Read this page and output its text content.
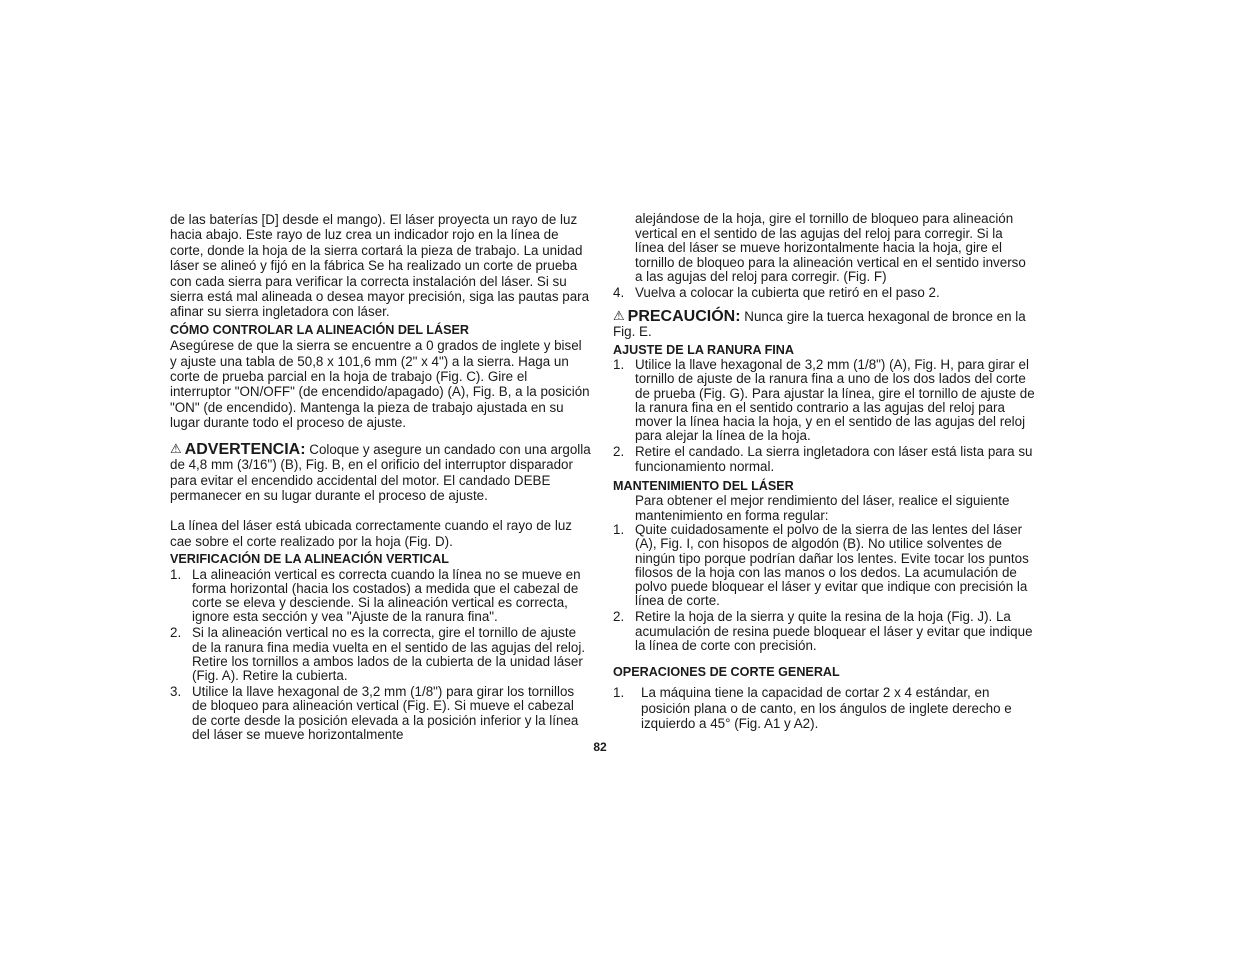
de las baterías [D] desde el mango). El láser proyecta un rayo de luz hacia abajo. Este rayo de luz crea un indicador rojo en la línea de corte, donde la hoja de la sierra cortará la pieza de trabajo. La unidad láser se alineó y fijó en la fábrica Se ha realizado un corte de prueba con cada sierra para verificar la correcta instalación del láser. Si su sierra está mal alineada o desea mayor precisión, siga las pautas para afinar su sierra ingletadora con láser.

CÓMO CONTROLAR LA ALINEACIÓN DEL LÁSER

Asegúrese de que la sierra se encuentre a 0 grados de inglete y bisel y ajuste una tabla de 50,8 x 101,6 mm (2" x 4") a la sierra. Haga un corte de prueba parcial en la hoja de trabajo (Fig. C). Gire el interruptor "ON/OFF" (de encendido/apagado) (A), Fig. B, a la posición "ON" (de encendido). Mantenga la pieza de trabajo ajustada en su lugar durante todo el proceso de ajuste.

⚠ ADVERTENCIA: Coloque y asegure un candado con una argolla de 4,8 mm (3/16") (B), Fig. B, en el orificio del interruptor disparador para evitar el encendido accidental del motor. El candado DEBE permanecer en su lugar durante el proceso de ajuste.

La línea del láser está ubicada correctamente cuando el rayo de luz cae sobre el corte realizado por la hoja (Fig. D).

VERIFICACIÓN DE LA ALINEACIÓN VERTICAL

1. La alineación vertical es correcta cuando la línea no se mueve en forma horizontal (hacia los costados) a medida que el cabezal de corte se eleva y desciende. Si la alineación vertical es correcta, ignore esta sección y vea "Ajuste de la ranura fina".
2. Si la alineación vertical no es la correcta, gire el tornillo de ajuste de la ranura fina media vuelta en el sentido de las agujas del reloj. Retire los tornillos a ambos lados de la cubierta de la unidad láser (Fig. A). Retire la cubierta.
3. Utilice la llave hexagonal de 3,2 mm (1/8") para girar los tornillos de bloqueo para alineación vertical (Fig. E). Si mueve el cabezal de corte desde la posición elevada a la posición inferior y la línea del láser se mueve horizontalmente

alejándose de la hoja, gire el tornillo de bloqueo para alineación vertical en el sentido de las agujas del reloj para corregir. Si la línea del láser se mueve horizontalmente hacia la hoja, gire el tornillo de bloqueo para la alineación vertical en el sentido inverso a las agujas del reloj para corregir. (Fig. F)

4. Vuelva a colocar la cubierta que retiró en el paso 2.

⚠ PRECAUCIÓN: Nunca gire la tuerca hexagonal de bronce en la Fig. E.

AJUSTE DE LA RANURA FINA

1. Utilice la llave hexagonal de 3,2 mm (1/8") (A), Fig. H, para girar el tornillo de ajuste de la ranura fina a uno de los dos lados del corte de prueba (Fig. G). Para ajustar la línea, gire el tornillo de ajuste de la ranura fina en el sentido contrario a las agujas del reloj para mover la línea hacia la hoja, y en el sentido de las agujas del reloj para alejar la línea de la hoja.
2. Retire el candado. La sierra ingletadora con láser está lista para su funcionamiento normal.

MANTENIMIENTO DEL LÁSER

Para obtener el mejor rendimiento del láser, realice el siguiente mantenimiento en forma regular:

1. Quite cuidadosamente el polvo de la sierra de las lentes del láser (A), Fig. I, con hisopos de algodón (B). No utilice solventes de ningún tipo porque podrían dañar los lentes. Evite tocar los puntos filosos de la hoja con las manos o los dedos. La acumulación de polvo puede bloquear el láser y evitar que indique con precisión la línea de corte.
2. Retire la hoja de la sierra y quite la resina de la hoja (Fig. J). La acumulación de resina puede bloquear el láser y evitar que indique la línea de corte con precisión.

OPERACIONES DE CORTE GENERAL

1. La máquina tiene la capacidad de cortar 2 x 4 estándar, en posición plana o de canto, en los ángulos de inglete derecho e izquierdo a 45° (Fig. A1 y A2).
82
